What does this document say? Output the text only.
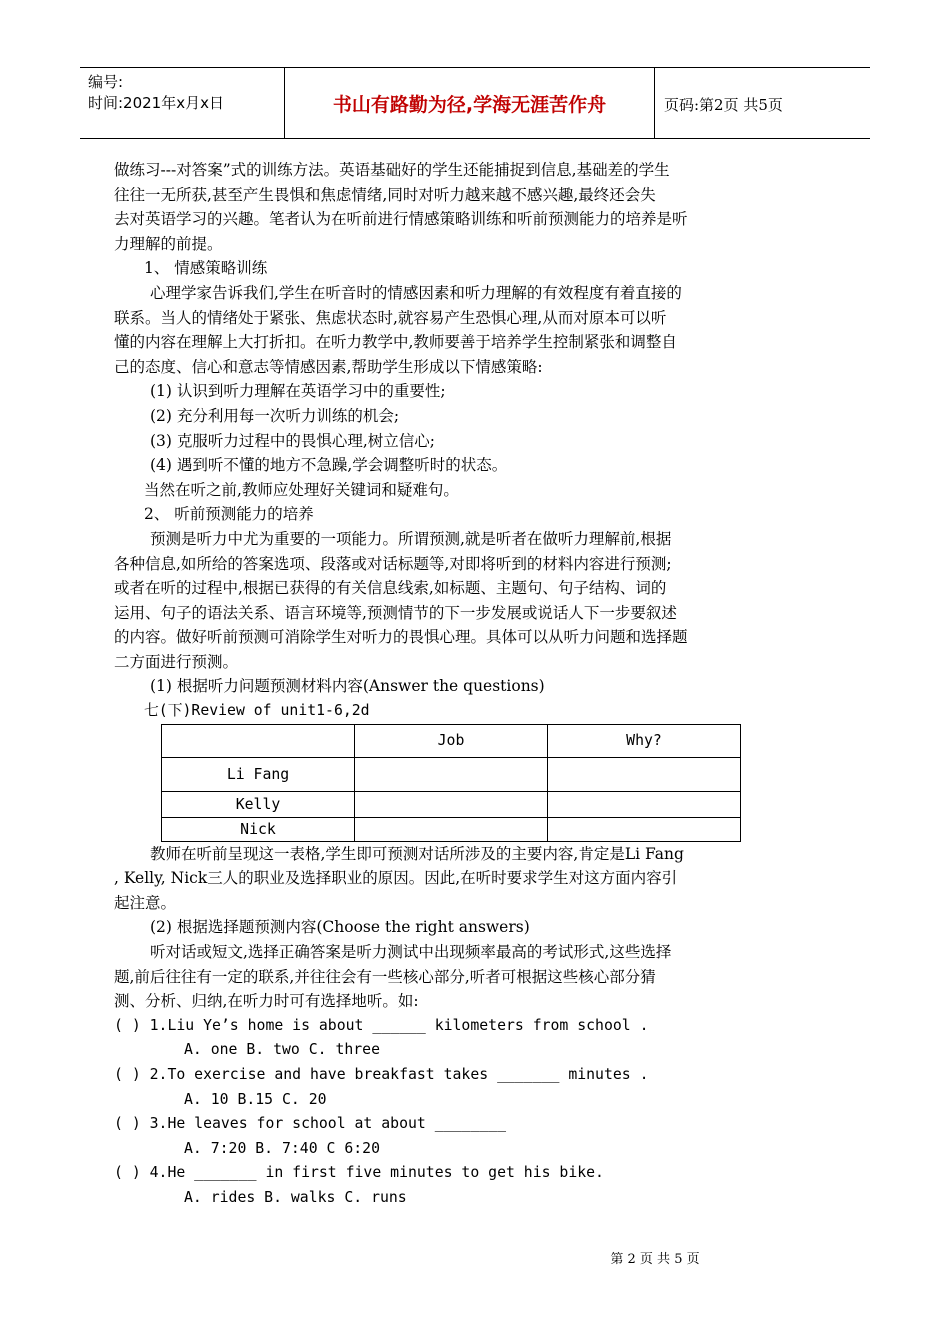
编号:
时间:2021年x月x日	书山有路勤为径,学海无涯苦作舟	页码:第2页 共5页
做练习---对答案”式的训练方法。英语基础好的学生还能捕捉到信息,基础差的学生
往往一无所获,甚至产生畏惧和焦虑情绪,同时对听力越来越不感兴趣,最终还会失
去对英语学习的兴趣。笔者认为在听前进行情感策略训练和听前预测能力的培养是听
力理解的前提。
1、 情感策略训练
心理学家告诉我们,学生在听音时的情感因素和听力理解的有效程度有着直接的
联系。当人的情绪处于紧张、焦虑状态时,就容易产生恐惧心理,从而对原本可以听
懂的内容在理解上大打折扣。在听力教学中,教师要善于培养学生控制紧张和调整自
己的态度、信心和意志等情感因素,帮助学生形成以下情感策略:
(1) 认识到听力理解在英语学习中的重要性;
(2) 充分利用每一次听力训练的机会;
(3) 克服听力过程中的畏惧心理,树立信心;
(4) 遇到听不懂的地方不急躁,学会调整听时的状态。
当然在听之前,教师应处理好关键词和疑难句。
2、 听前预测能力的培养
预测是听力中尤为重要的一项能力。所谓预测,就是听者在做听力理解前,根据
各种信息,如所给的答案选项、段落或对话标题等,对即将听到的材料内容进行预测;
或者在听的过程中,根据已获得的有关信息线索,如标题、主题句、句子结构、词的
运用、句子的语法关系、语言环境等,预测情节的下一步发展或说话人下一步要叙述
的内容。做好听前预测可消除学生对听力的畏惧心理。具体可以从听力问题和选择题
二方面进行预测。
(1) 根据听力问题预测材料内容(Answer the questions)
七(下)Review of unit1-6,2d
	Job	Why?
Li Fang		
Kelly		
Nick		
教师在听前呈现这一表格,学生即可预测对话所涉及的主要内容,肯定是Li Fang
, Kelly, Nick三人的职业及选择职业的原因。因此,在听时要求学生对这方面内容引
起注意。
(2) 根据选择题预测内容(Choose the right answers)
听对话或短文,选择正确答案是听力测试中出现频率最高的考试形式,这些选择
题,前后往往有一定的联系,并往往会有一些核心部分,听者可根据这些核心部分猜
测、分析、归纳,在听力时可有选择地听。如:
( ) 1.Liu Ye’s home is about ______ kilometers from school .
A. one B. two C. three
( ) 2.To exercise and have breakfast takes _______ minutes .
A. 10 B.15 C. 20
( ) 3.He leaves for school at about ________
A. 7:20 B. 7:40 C 6:20
( ) 4.He _______ in first five minutes to get his bike.
A. rides B. walks C. runs
第 2 页 共 5 页
